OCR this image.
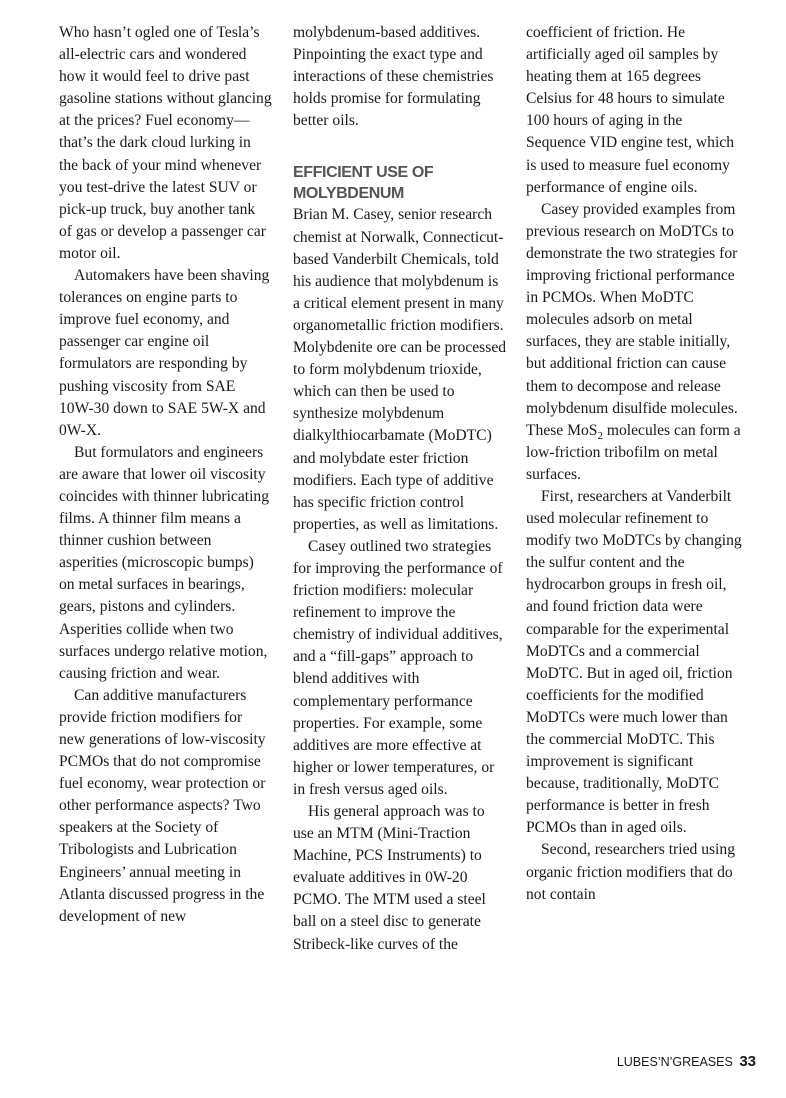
Who hasn’t ogled one of Tesla’s all-electric cars and wondered how it would feel to drive past gasoline stations without glancing at the prices? Fuel economy—that’s the dark cloud lurking in the back of your mind whenever you test-drive the latest SUV or pick-up truck, buy another tank of gas or develop a passenger car motor oil.

Automakers have been shaving tolerances on engine parts to improve fuel economy, and passenger car engine oil formulators are responding by pushing viscosity from SAE 10W-30 down to SAE 5W-X and 0W-X.

But formulators and engineers are aware that lower oil viscosity coincides with thinner lubricating films. A thinner film means a thinner cushion between asperities (microscopic bumps) on metal surfaces in bearings, gears, pistons and cylinders. Asperities collide when two surfaces undergo relative motion, causing friction and wear.

Can additive manufacturers provide friction modifiers for new generations of low-viscosity PCMOs that do not compromise fuel economy, wear protection or other performance aspects? Two speakers at the Society of Tribologists and Lubrication Engineers’ annual meeting in Atlanta discussed progress in the development of new

molybdenum-based additives. Pinpointing the exact type and interactions of these chemistries holds promise for formulating better oils.

EFFICIENT USE OF MOLYBDENUM

Brian M. Casey, senior research chemist at Norwalk, Connecticut-based Vanderbilt Chemicals, told his audience that molybdenum is a critical element present in many organometallic friction modifiers. Molybdenite ore can be processed to form molybdenum trioxide, which can then be used to synthesize molybdenum dialkylthiocarbamate (MoDTC) and molybdate ester friction modifiers. Each type of additive has specific friction control properties, as well as limitations.

Casey outlined two strategies for improving the performance of friction modifiers: molecular refinement to improve the chemistry of individual additives, and a “fill-gaps” approach to blend additives with complementary performance properties. For example, some additives are more effective at higher or lower temperatures, or in fresh versus aged oils.

His general approach was to use an MTM (Mini-Traction Machine, PCS Instruments) to evaluate additives in 0W-20 PCMO. The MTM used a steel ball on a steel disc to generate Stribeck-like curves of the

coefficient of friction. He artificially aged oil samples by heating them at 165 degrees Celsius for 48 hours to simulate 100 hours of aging in the Sequence VID engine test, which is used to measure fuel economy performance of engine oils.

Casey provided examples from previous research on MoDTCs to demonstrate the two strategies for improving frictional performance in PCMOs. When MoDTC molecules adsorb on metal surfaces, they are stable initially, but additional friction can cause them to decompose and release molybdenum disulfide molecules. These MoS$_2$ molecules can form a low-friction tribofilm on metal surfaces.

First, researchers at Vanderbilt used molecular refinement to modify two MoDTCs by changing the sulfur content and the hydrocarbon groups in fresh oil, and found friction data were comparable for the experimental MoDTCs and a commercial MoDTC. But in aged oil, friction coefficients for the modified MoDTCs were much lower than the commercial MoDTC. This improvement is significant because, traditionally, MoDTC performance is better in fresh PCMOs than in aged oils.

Second, researchers tried using organic friction modifiers that do not contain

LUBES’N’GREASES 33
